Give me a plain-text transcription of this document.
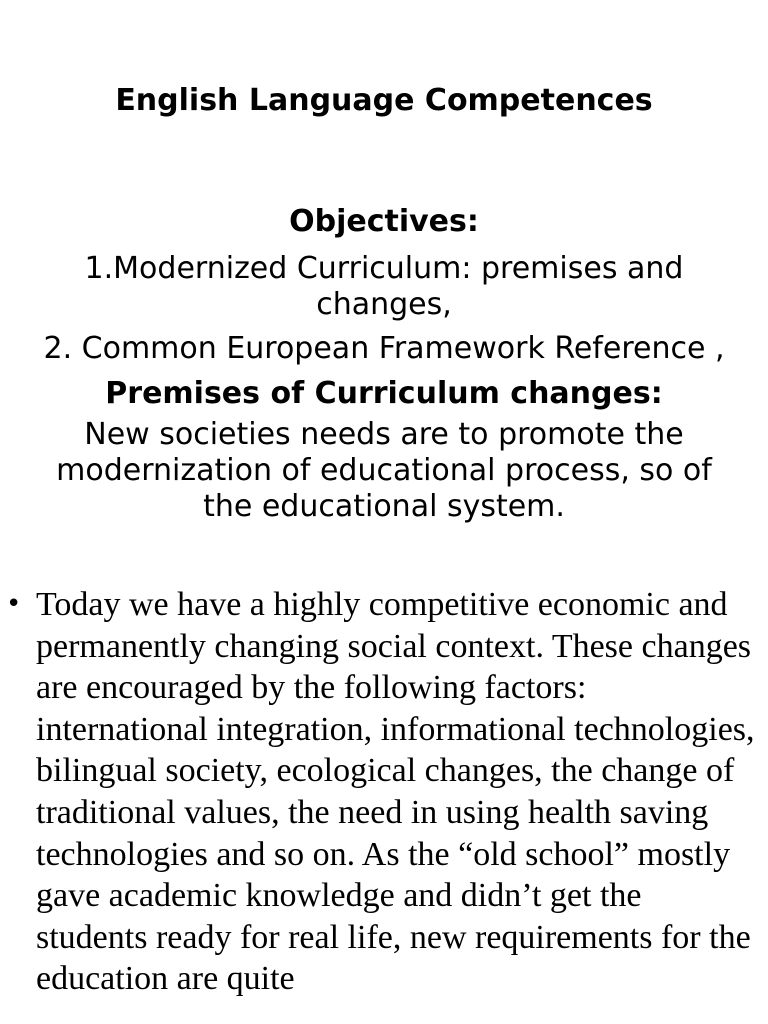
English Language Competences

Objectives:

1.Modernized Curriculum: premises and changes,

2. Common European Framework Reference ,

Premises of Curriculum changes:

New societies needs are to promote the modernization of educational process, so of the educational system.

• Today we have a highly competitive economic and permanently changing social context. These changes are encouraged by the following factors: international integration, informational technologies, bilingual society, ecological changes, the change of traditional values, the need in using health saving technologies and so on. As the “old school” mostly gave academic knowledge and didn’t get the students ready for real life, new requirements for the education are quite
